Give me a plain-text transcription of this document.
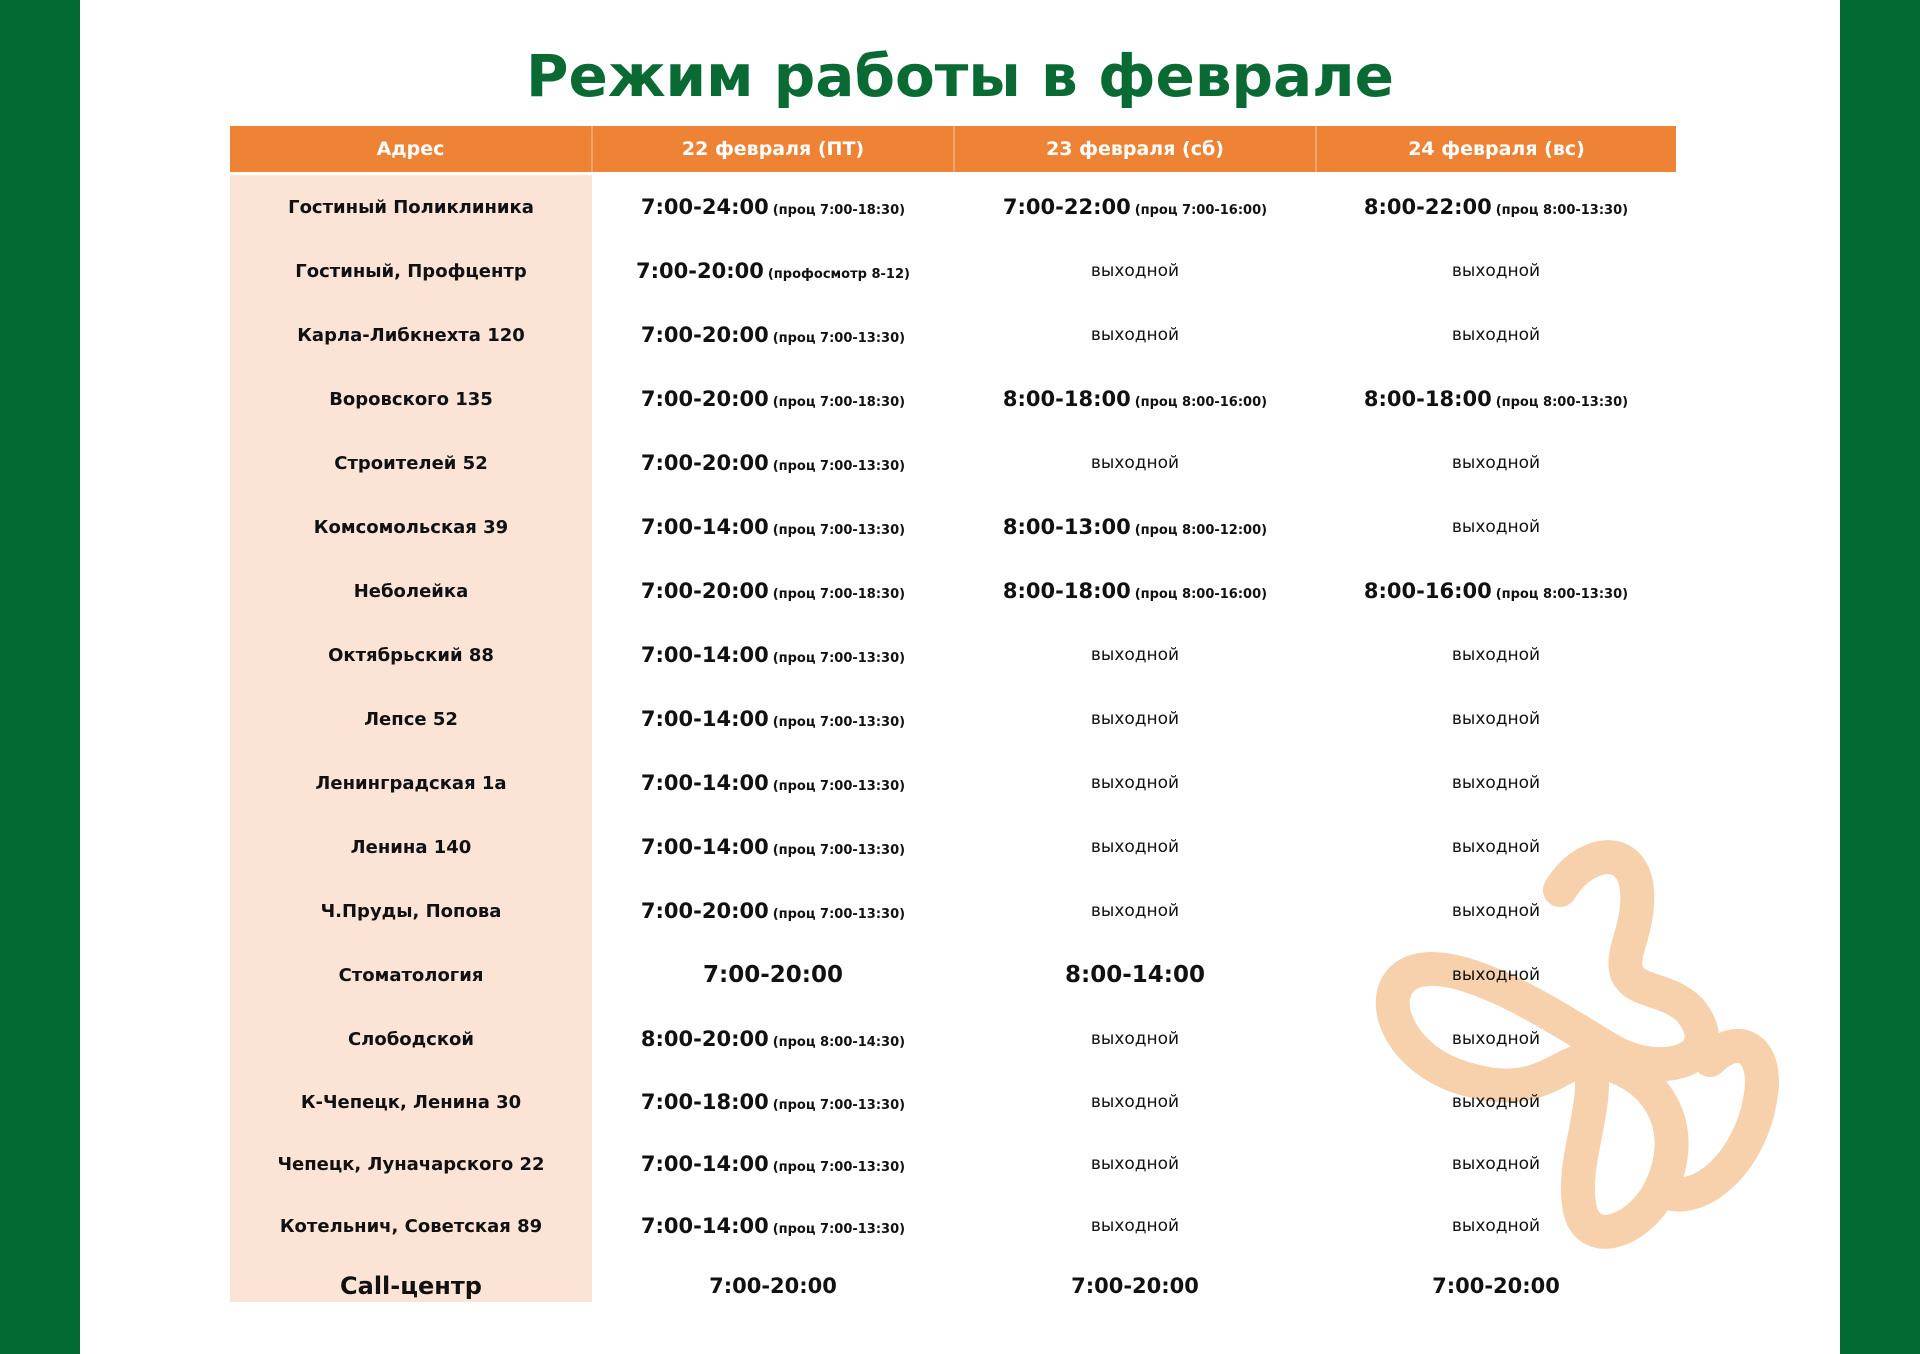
Режим работы в феврале
Адрес	22 февраля (ПТ)	23 февраля (сб)	24 февраля (вс)
Гостиный Поликлиника	7:00-24:00 (проц 7:00-18:30)	7:00-22:00 (проц 7:00-16:00)	8:00-22:00 (проц 8:00-13:30)
Гостиный, Профцентр	7:00-20:00 (профосмотр 8-12)	выходной	выходной
Карла-Либкнехта 120	7:00-20:00 (проц 7:00-13:30)	выходной	выходной
Воровского 135	7:00-20:00 (проц 7:00-18:30)	8:00-18:00 (проц 8:00-16:00)	8:00-18:00 (проц 8:00-13:30)
Строителей 52	7:00-20:00 (проц 7:00-13:30)	выходной	выходной
Комсомольская 39	7:00-14:00 (проц 7:00-13:30)	8:00-13:00 (проц 8:00-12:00)	выходной
Неболейка	7:00-20:00 (проц 7:00-18:30)	8:00-18:00 (проц 8:00-16:00)	8:00-16:00 (проц 8:00-13:30)
Октябрьский 88	7:00-14:00 (проц 7:00-13:30)	выходной	выходной
Лепсе 52	7:00-14:00 (проц 7:00-13:30)	выходной	выходной
Ленинградская 1а	7:00-14:00 (проц 7:00-13:30)	выходной	выходной
Ленина 140	7:00-14:00 (проц 7:00-13:30)	выходной	выходной
Ч.Пруды, Попова	7:00-20:00 (проц 7:00-13:30)	выходной	выходной
Стоматология	7:00-20:00	8:00-14:00	выходной
Слободской	8:00-20:00 (проц 8:00-14:30)	выходной	выходной
К-Чепецк, Ленина 30	7:00-18:00 (проц 7:00-13:30)	выходной	выходной
Чепецк, Луначарского 22	7:00-14:00 (проц 7:00-13:30)	выходной	выходной
Котельнич, Советская 89	7:00-14:00 (проц 7:00-13:30)	выходной	выходной
Call-центр	7:00-20:00	7:00-20:00	7:00-20:00
